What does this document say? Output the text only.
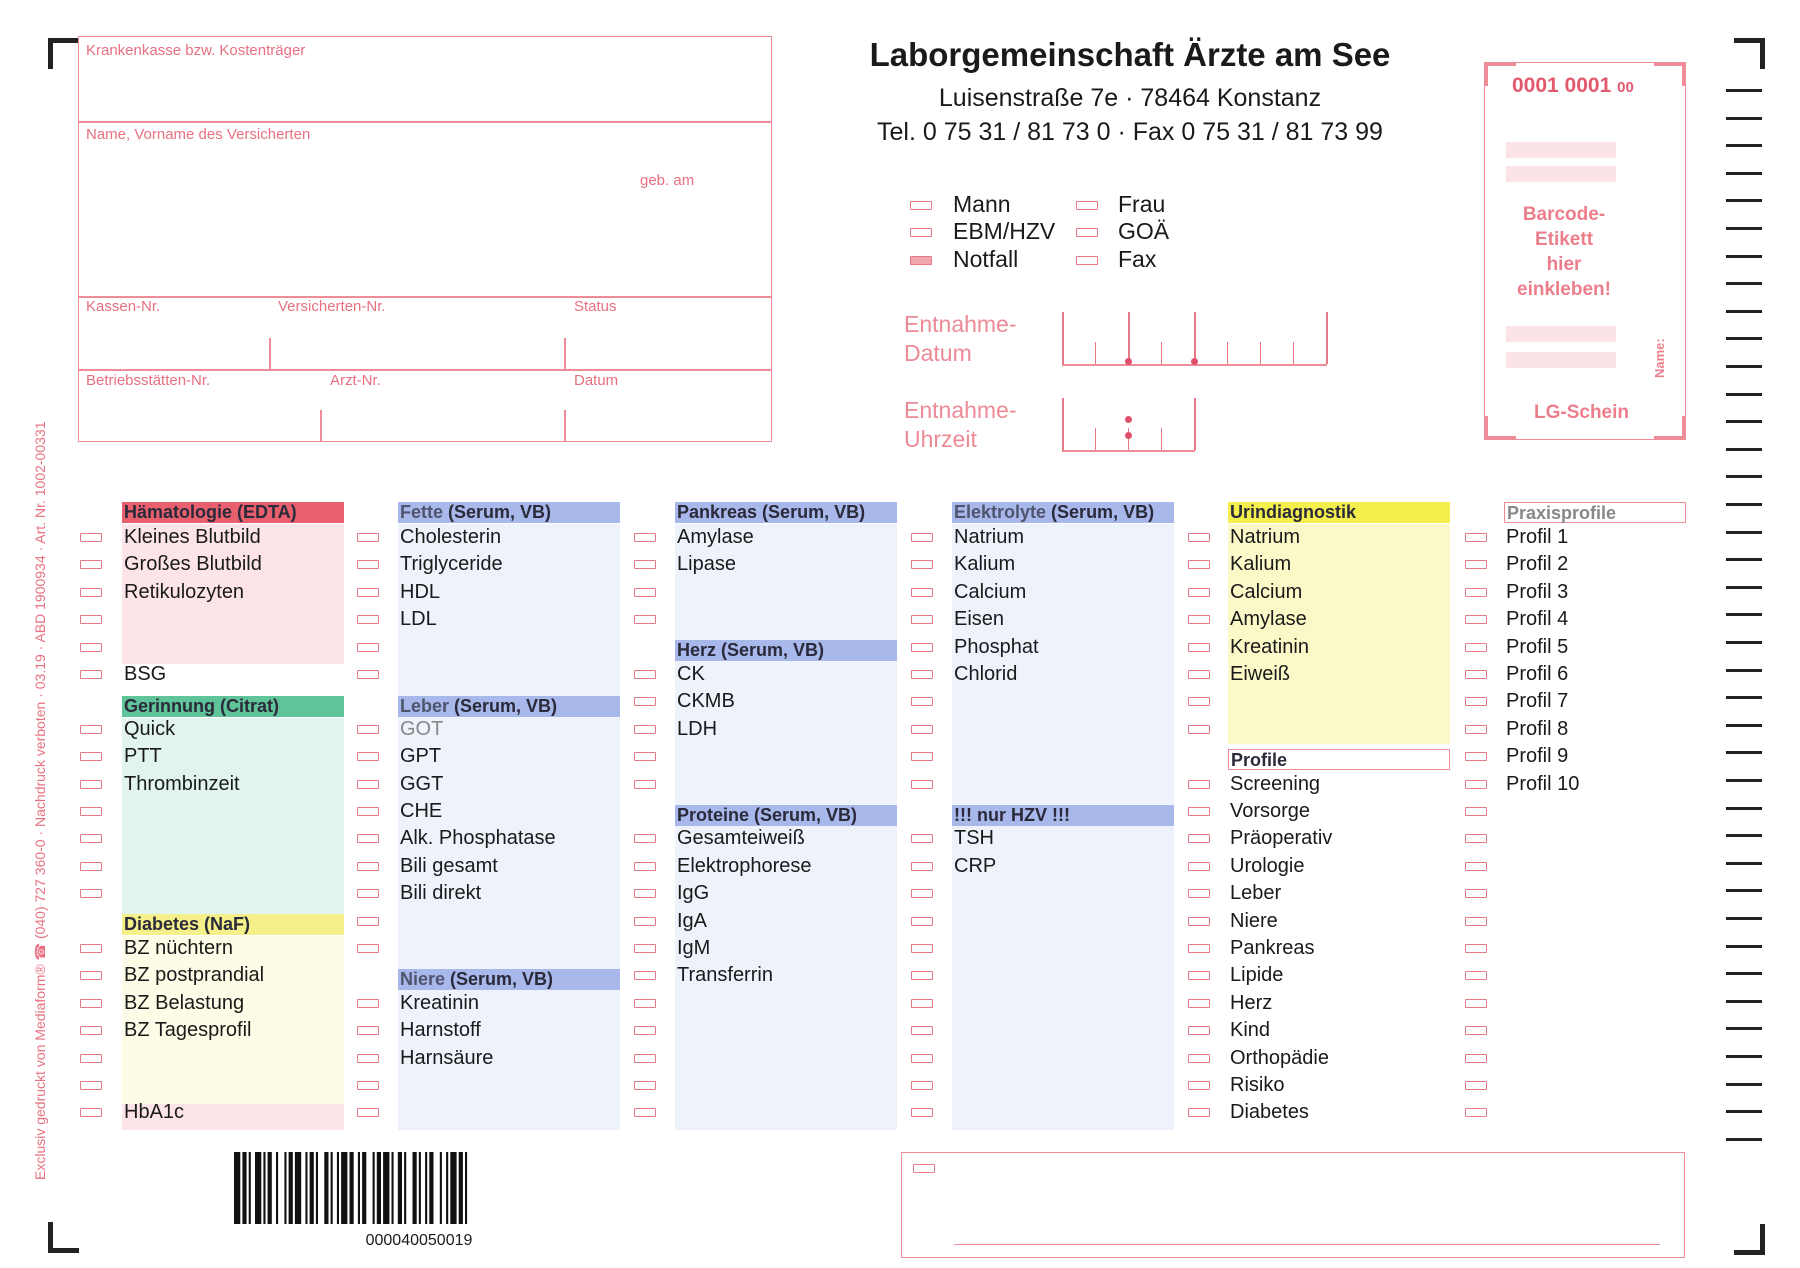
Exclusiv gedruckt von Mediaform® ☎ (040) 727 360-0 · Nachdruck verboten · 03.19 · ABD 1900934 · Art. Nr. 1002-00331
Krankenkasse bzw. Kostenträger
Name, Vorname des Versicherten
geb. am
Kassen-Nr.	Versicherten-Nr.	Status
Betriebsstätten-Nr.	Arzt-Nr.	Datum
Laborgemeinschaft Ärzte am See
Luisenstraße 7e · 78464 Konstanz
Tel. 0 75 31 / 81 73 0 · Fax 0 75 31 / 81 73 99
Mann
EBM/HZV
Notfall
Frau
GOÄ
Fax
Entnahme-
Datum
Entnahme-
Uhrzeit
0001 0001 00
Barcode-
Etikett
hier
einkleben!
Name:
LG-Schein
Hämatologie (EDTA)
Kleines Blutbild
Großes Blutbild
Retikulozyten
BSG
Gerinnung (Citrat)
Quick
PTT
Thrombinzeit
Diabetes (NaF)
BZ nüchtern
BZ postprandial
BZ Belastung
BZ Tagesprofil
HbA1c
Fette (Serum, VB)
Cholesterin
Triglyceride
HDL
LDL
Leber (Serum, VB)
GOT
GPT
GGT
CHE
Alk. Phosphatase
Bili gesamt
Bili direkt
Niere (Serum, VB)
Kreatinin
Harnstoff
Harnsäure
Pankreas (Serum, VB)
Amylase
Lipase
Herz (Serum, VB)
CK
CKMB
LDH
Proteine (Serum, VB)
Gesamteiweiß
Elektrophorese
IgG
IgA
IgM
Transferrin
Elektrolyte (Serum, VB)
Natrium
Kalium
Calcium
Eisen
Phosphat
Chlorid
!!! nur HZV !!!
TSH
CRP
Urindiagnostik
Natrium
Kalium
Calcium
Amylase
Kreatinin
Eiweiß
Profile
Screening
Vorsorge
Präoperativ
Urologie
Leber
Niere
Pankreas
Lipide
Herz
Kind
Orthopädie
Risiko
Diabetes
Praxisprofile
Profil 1
Profil 2
Profil 3
Profil 4
Profil 5
Profil 6
Profil 7
Profil 8
Profil 9
Profil 10
000040050019
